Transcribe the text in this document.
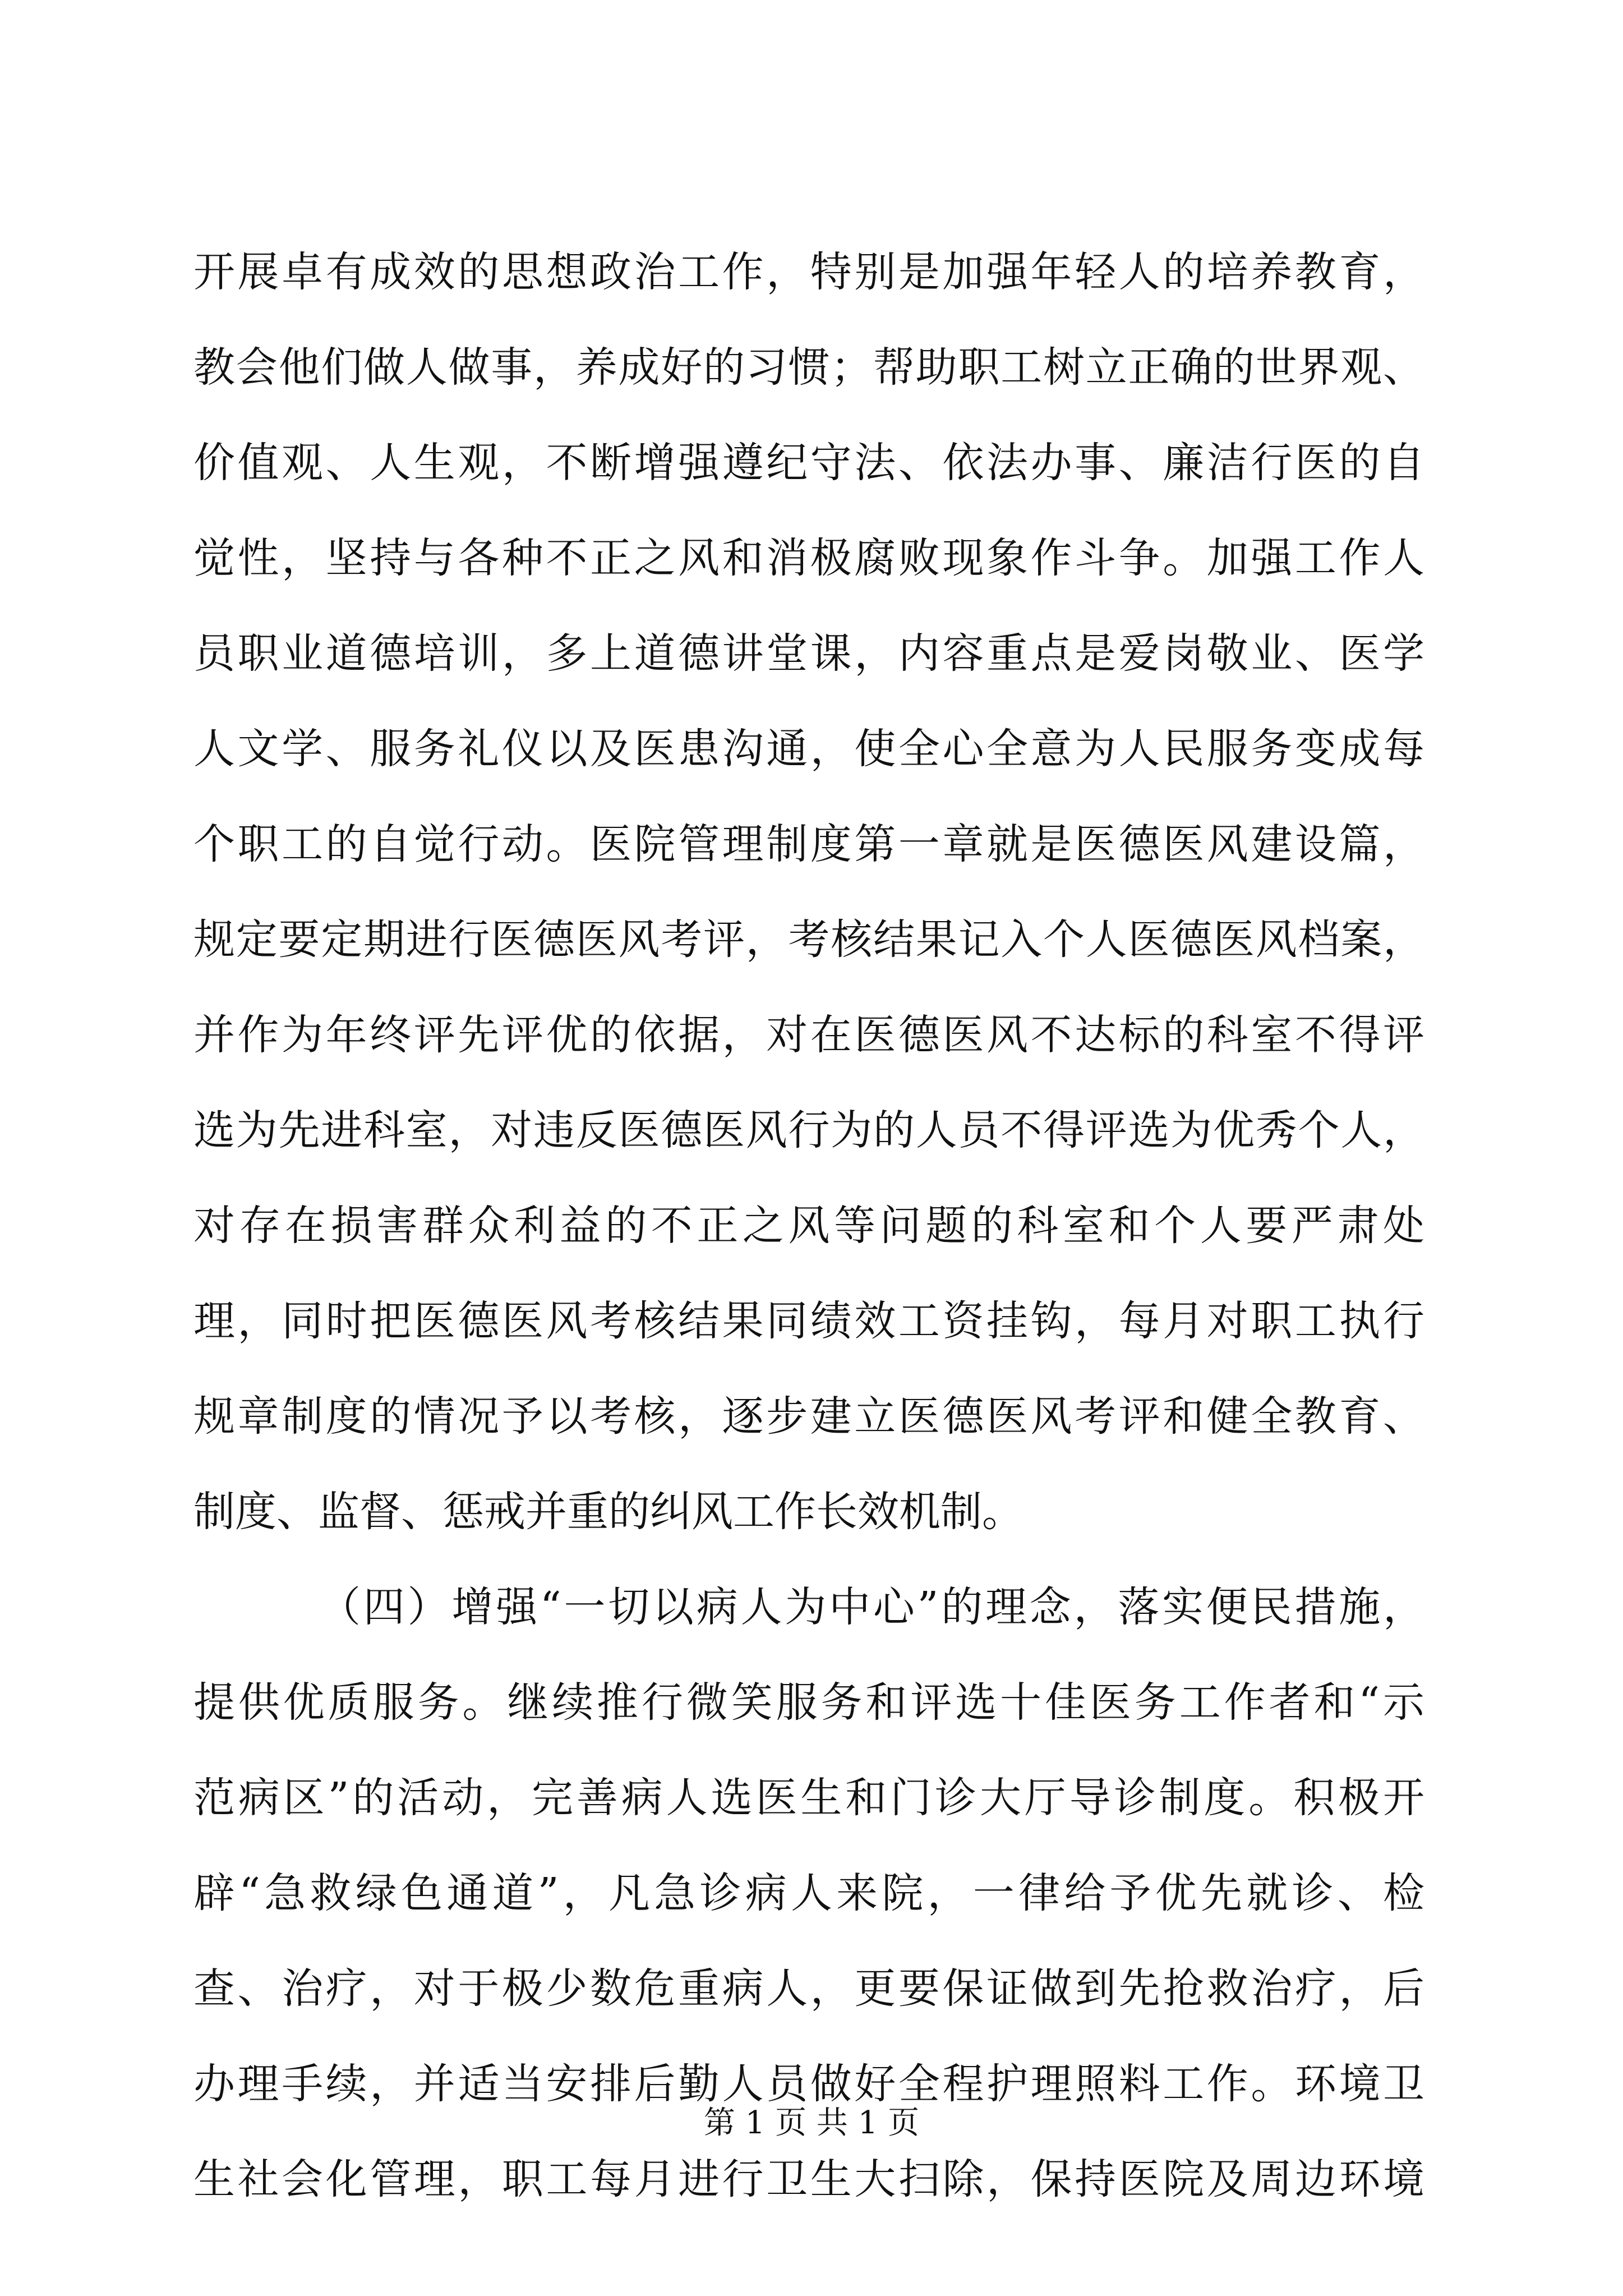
开展卓有成效的思想政治工作，特别是加强年轻人的培养教育，
教会他们做人做事，养成好的习惯；帮助职工树立正确的世界观、
价值观、人生观，不断增强遵纪守法、依法办事、廉洁行医的自
觉性，坚持与各种不正之风和消极腐败现象作斗争。加强工作人
员职业道德培训，多上道德讲堂课，内容重点是爱岗敬业、医学
人文学、服务礼仪以及医患沟通，使全心全意为人民服务变成每
个职工的自觉行动。医院管理制度第一章就是医德医风建设篇，
规定要定期进行医德医风考评，考核结果记入个人医德医风档案，
并作为年终评先评优的依据，对在医德医风不达标的科室不得评
选为先进科室，对违反医德医风行为的人员不得评选为优秀个人，
对存在损害群众利益的不正之风等问题的科室和个人要严肃处
理，同时把医德医风考核结果同绩效工资挂钩，每月对职工执行
规章制度的情况予以考核，逐步建立医德医风考评和健全教育、
制度、监督、惩戒并重的纠风工作长效机制。
（四）增强“一切以病人为中心”的理念，落实便民措施，
提供优质服务。继续推行微笑服务和评选十佳医务工作者和“示
范病区”的活动，完善病人选医生和门诊大厅导诊制度。积极开
辟“急救绿色通道”，凡急诊病人来院，一律给予优先就诊、检
查、治疗，对于极少数危重病人，更要保证做到先抢救治疗，后
办理手续，并适当安排后勤人员做好全程护理照料工作。环境卫
生社会化管理，职工每月进行卫生大扫除，保持医院及周边环境
第 1 页 共 1 页
